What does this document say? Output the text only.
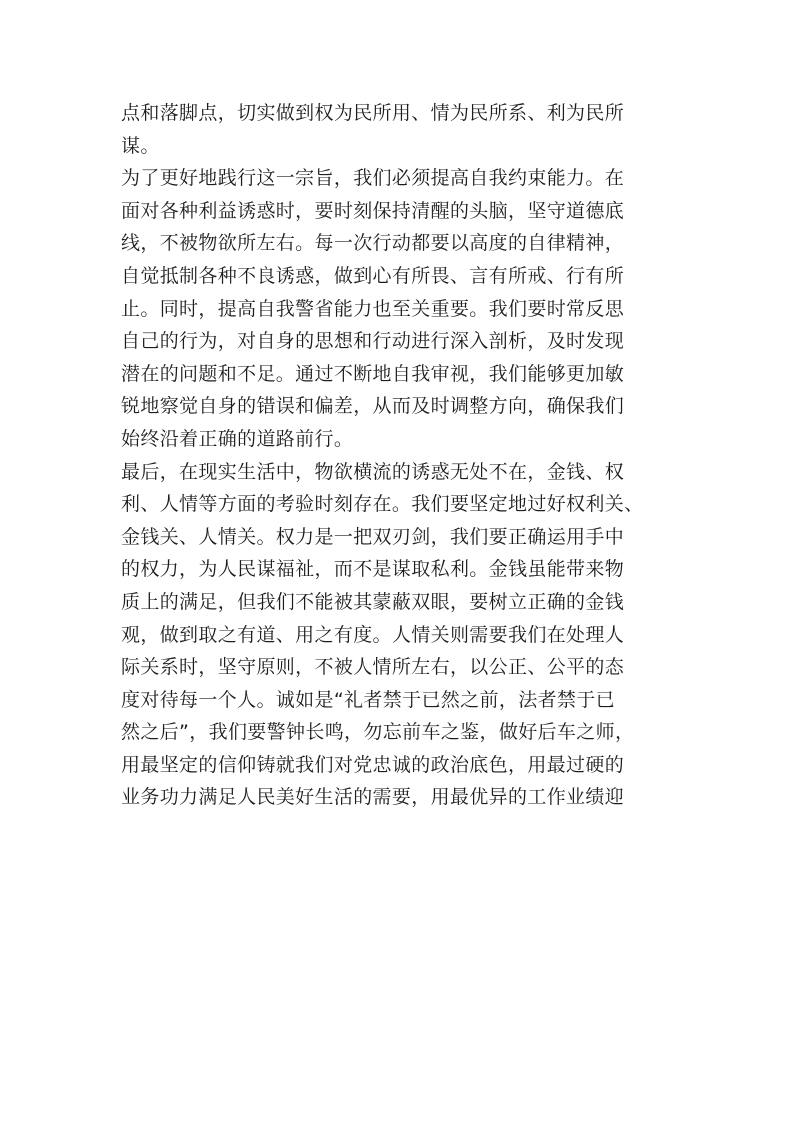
点和落脚点，切实做到权为民所用、情为民所系、利为民所
谋。
为了更好地践行这一宗旨，我们必须提高自我约束能力。在
面对各种利益诱惑时，要时刻保持清醒的头脑，坚守道德底
线，不被物欲所左右。每一次行动都要以高度的自律精神，
自觉抵制各种不良诱惑，做到心有所畏、言有所戒、行有所
止。同时，提高自我警省能力也至关重要。我们要时常反思
自己的行为，对自身的思想和行动进行深入剖析，及时发现
潜在的问题和不足。通过不断地自我审视，我们能够更加敏
锐地察觉自身的错误和偏差，从而及时调整方向，确保我们
始终沿着正确的道路前行。
最后，在现实生活中，物欲横流的诱惑无处不在，金钱、权
利、人情等方面的考验时刻存在。我们要坚定地过好权利关、
金钱关、人情关。权力是一把双刃剑，我们要正确运用手中
的权力，为人民谋福祉，而不是谋取私利。金钱虽能带来物
质上的满足，但我们不能被其蒙蔽双眼，要树立正确的金钱
观，做到取之有道、用之有度。人情关则需要我们在处理人
际关系时，坚守原则，不被人情所左右，以公正、公平的态
度对待每一个人。诚如是“礼者禁于已然之前，法者禁于已
然之后”，我们要警钟长鸣，勿忘前车之鉴，做好后车之师，
用最坚定的信仰铸就我们对党忠诚的政治底色，用最过硬的
业务功力满足人民美好生活的需要，用最优异的工作业绩迎
